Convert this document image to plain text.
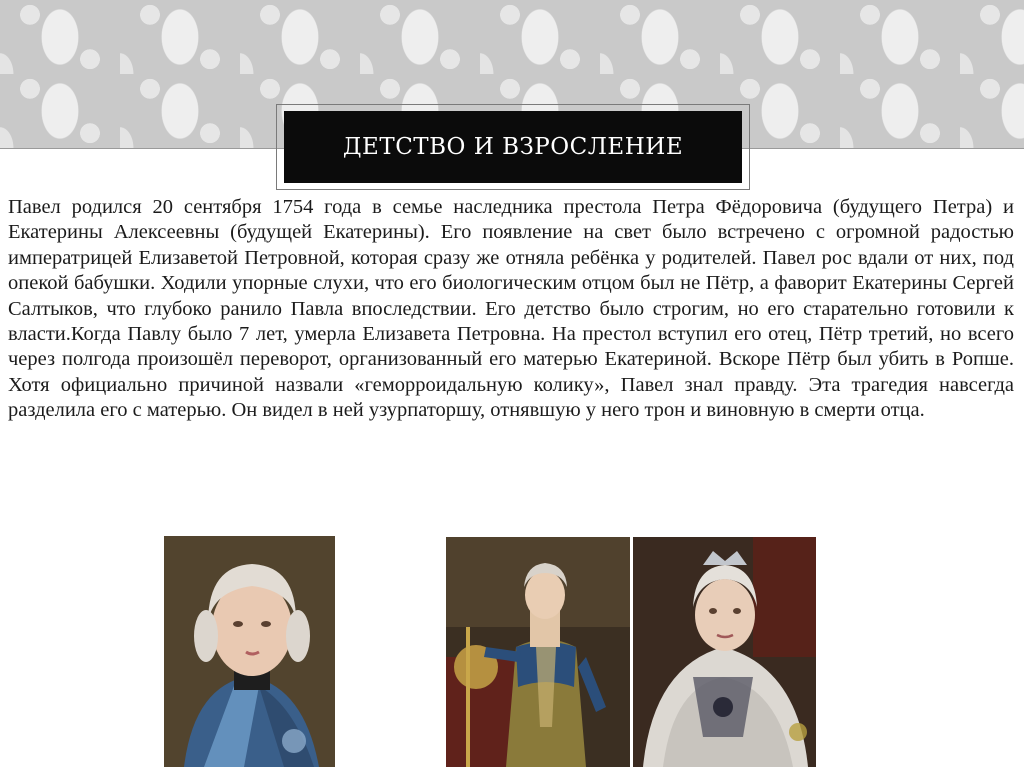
ДЕТСТВО И ВЗРОСЛЕНИЕ

Павел родился 20 сентября 1754 года в семье наследника престола Петра Фёдоровича (будущего Петра) и Екатерины Алексеевны (будущей Екатерины). Его появление на свет было встречено с огромной радостью императрицей Елизаветой Петровной, которая сразу же отняла ребёнка у родителей. Павел рос вдали от них, под опекой бабушки. Ходили упорные слухи, что его биологическим отцом был не Пётр, а фаворит Екатерины Сергей Салтыков, что глубоко ранило Павла впоследствии. Его детство было строгим, но его старательно готовили к власти.Когда Павлу было 7 лет, умерла Елизавета Петровна. На престол вступил его отец, Пётр третий, но всего через полгода произошёл переворот, организованный его матерью Екатериной. Вскоре Пётр был убить в Ропше. Хотя официально причиной назвали «геморроидальную колику», Павел знал правду. Эта трагедия навсегда разделила его с матерью. Он видел в ней узурпаторшу, отнявшую у него трон и виновную в смерти отца.
